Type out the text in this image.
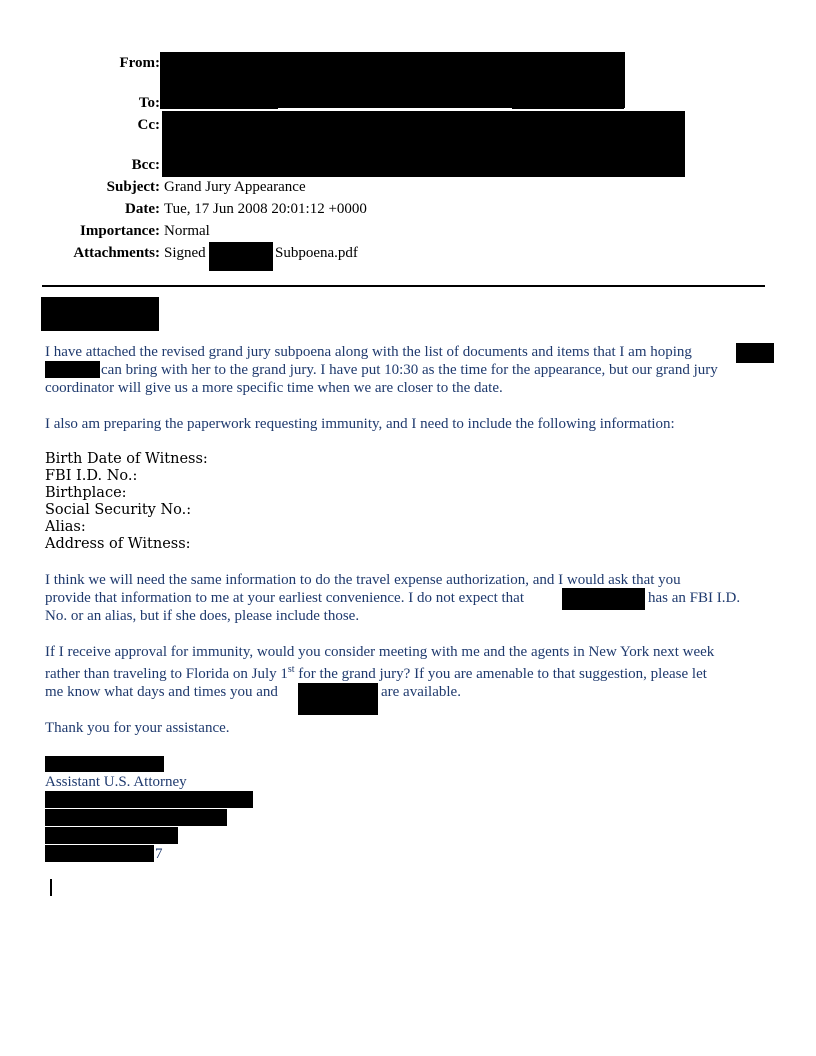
From:
To:
Cc:
Bcc:
Subject: Grand Jury Appearance
Date: Tue, 17 Jun 2008 20:01:12 +0000
Importance: Normal
Attachments: Signed	Subpoena.pdf
I have attached the revised grand jury subpoena along with the list of documents and items that I am hoping
can bring with her to the grand jury. I have put 10:30 as the time for the appearance, but our grand jury
coordinator will give us a more specific time when we are closer to the date.
I also am preparing the paperwork requesting immunity, and I need to include the following information:
Birth Date of Witness:
FBI I.D. No.:
Birthplace:
Social Security No.:
Alias:
Address of Witness:
I think we will need the same information to do the travel expense authorization, and I would ask that you
provide that information to me at your earliest convenience. I do not expect that	has an FBI I.D.
No. or an alias, but if she does, please include those.
If I receive approval for immunity, would you consider meeting with me and the agents in New York next week
rather than traveling to Florida on July 1st for the grand jury? If you are amenable to that suggestion, please let
me know what days and times you and	are available.
Thank you for your assistance.
Assistant U.S. Attorney
7
